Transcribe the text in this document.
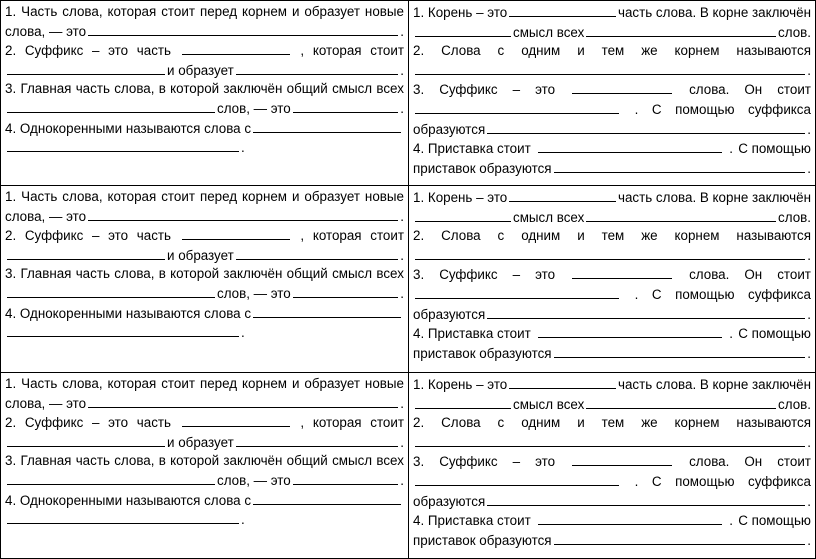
1. Часть слова, которая стоит перед корнем и образует новые
слова, — это	.
2. Суффикс – это часть	, которая стоит
и образует	.
3. Главная часть слова, в которой заключён общий смысл всех
слов, — это	.
4. Однокоренными называются слова с
.
1. Корень – это	часть слова. В корне заключён
смысл всех	слов.
2. Слова с одним и тем же корнем называются
.
3. Суффикс – это	слова. Он стоит
. С помощью суффикса
образуются	.
4. Приставка стоит	. С помощью
приставок образуются	.
1. Часть слова, которая стоит перед корнем и образует новые
слова, — это	.
2. Суффикс – это часть	, которая стоит
и образует	.
3. Главная часть слова, в которой заключён общий смысл всех
слов, — это	.
4. Однокоренными называются слова с
.
1. Корень – это	часть слова. В корне заключён
смысл всех	слов.
2. Слова с одним и тем же корнем называются
.
3. Суффикс – это	слова. Он стоит
. С помощью суффикса
образуются	.
4. Приставка стоит	. С помощью
приставок образуются	.
1. Часть слова, которая стоит перед корнем и образует новые
слова, — это	.
2. Суффикс – это часть	, которая стоит
и образует	.
3. Главная часть слова, в которой заключён общий смысл всех
слов, — это	.
4. Однокоренными называются слова с
.
1. Корень – это	часть слова. В корне заключён
смысл всех	слов.
2. Слова с одним и тем же корнем называются
.
3. Суффикс – это	слова. Он стоит
. С помощью суффикса
образуются	.
4. Приставка стоит	. С помощью
приставок образуются	.
